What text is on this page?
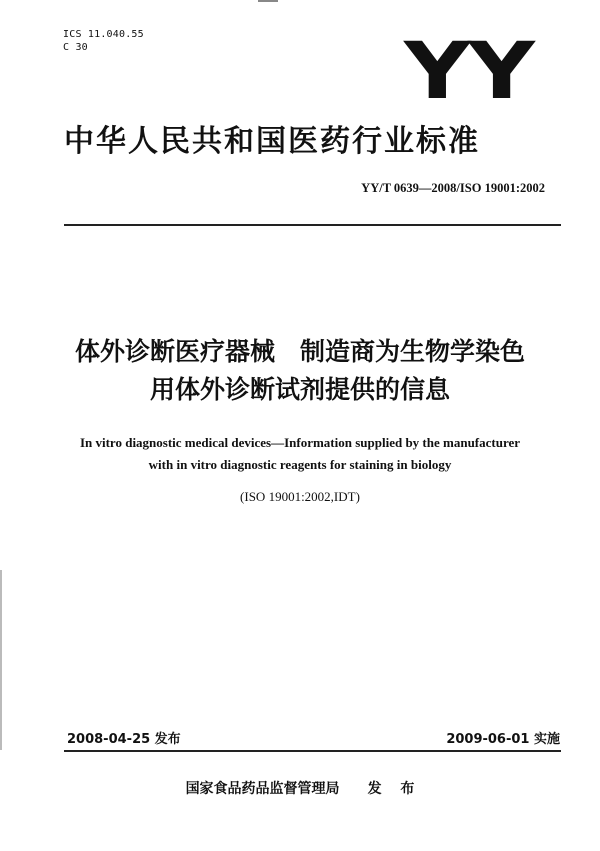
ICS 11.040.55
C 30	YY
中华人民共和国医药行业标准
YY/T 0639—2008/ISO 19001:2002
体外诊断医疗器械　制造商为生物学染色
用体外诊断试剂提供的信息
In vitro diagnostic medical devices—Information supplied by the manufacturer
with in vitro diagnostic reagents for staining in biology
(ISO 19001:2002,IDT)
2008-04-25 发布	2009-06-01 实施
国家食品药品监督管理局 发 布
